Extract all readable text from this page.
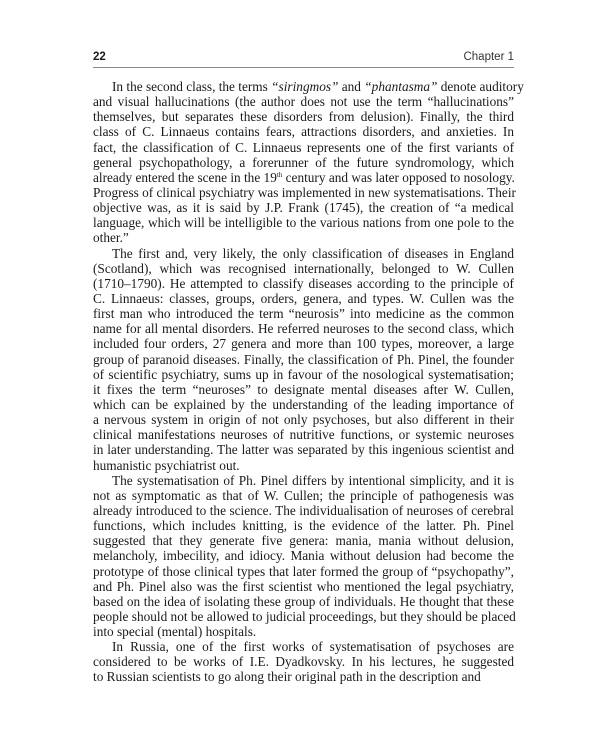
22	Chapter 1
In the second class, the terms “siringmos” and “phantasma” denote auditory
and visual hallucinations (the author does not use the term “hallucinations”
themselves, but separates these disorders from delusion). Finally, the third
class of C. Linnaeus contains fears, attractions disorders, and anxieties. In
fact, the classification of C. Linnaeus represents one of the first variants of
general psychopathology, a forerunner of the future syndromology, which
already entered the scene in the 19th century and was later opposed to nosology.
Progress of clinical psychiatry was implemented in new systematisations. Their
objective was, as it is said by J.P. Frank (1745), the creation of “a medical
language, which will be intelligible to the various nations from one pole to the
other.”
The first and, very likely, the only classification of diseases in England
(Scotland), which was recognised internationally, belonged to W. Cullen
(1710–1790). He attempted to classify diseases according to the principle of
C. Linnaeus: classes, groups, orders, genera, and types. W. Cullen was the
first man who introduced the term “neurosis” into medicine as the common
name for all mental disorders. He referred neuroses to the second class, which
included four orders, 27 genera and more than 100 types, moreover, a large
group of paranoid diseases. Finally, the classification of Ph. Pinel, the founder
of scientific psychiatry, sums up in favour of the nosological systematisation;
it fixes the term “neuroses” to designate mental diseases after W. Cullen,
which can be explained by the understanding of the leading importance of
a nervous system in origin of not only psychoses, but also different in their
clinical manifestations neuroses of nutritive functions, or systemic neuroses
in later understanding. The latter was separated by this ingenious scientist and
humanistic psychiatrist out.
The systematisation of Ph. Pinel differs by intentional simplicity, and it is
not as symptomatic as that of W. Cullen; the principle of pathogenesis was
already introduced to the science. The individualisation of neuroses of cerebral
functions, which includes knitting, is the evidence of the latter. Ph. Pinel
suggested that they generate five genera: mania, mania without delusion,
melancholy, imbecility, and idiocy. Mania without delusion had become the
prototype of those clinical types that later formed the group of “psychopathy”,
and Ph. Pinel also was the first scientist who mentioned the legal psychiatry,
based on the idea of isolating these group of individuals. He thought that these
people should not be allowed to judicial proceedings, but they should be placed
into special (mental) hospitals.
In Russia, one of the first works of systematisation of psychoses are
considered to be works of I.E. Dyadkovsky. In his lectures, he suggested
to Russian scientists to go along their original path in the description and
